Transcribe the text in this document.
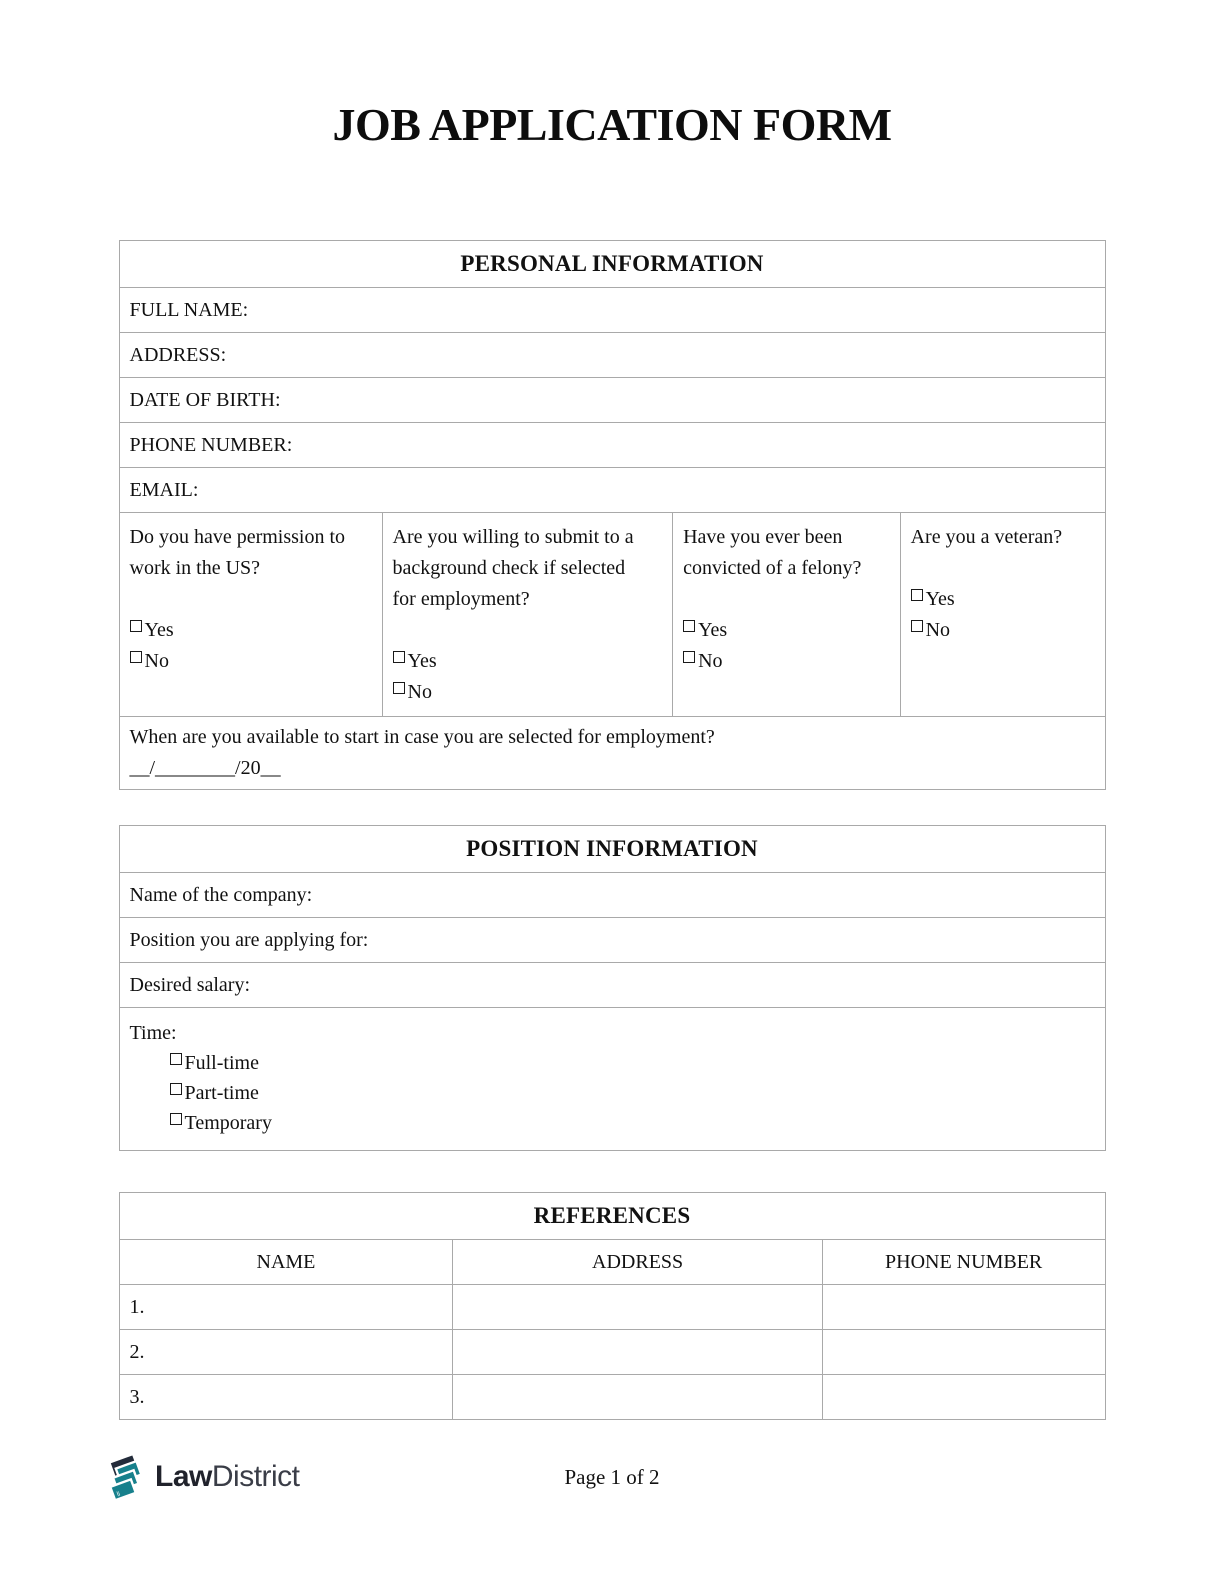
JOB APPLICATION FORM
PERSONAL INFORMATION
FULL NAME:
ADDRESS:
DATE OF BIRTH:
PHONE NUMBER:
EMAIL:
Do you have permission to work in the US?
Yes
No
Are you willing to submit to a background check if selected for employment?
Yes
No
Have you ever been convicted of a felony?
Yes
No
Are you a veteran?
Yes
No
When are you available to start in case you are selected for employment?
__/________/20__
POSITION INFORMATION
Name of the company:
Position you are applying for:
Desired salary:
Time:
Full-time
Part-time
Temporary
REFERENCES
NAME	ADDRESS	PHONE NUMBER
1.
2.
3.
li
LawDistrict	Page 1 of 2
